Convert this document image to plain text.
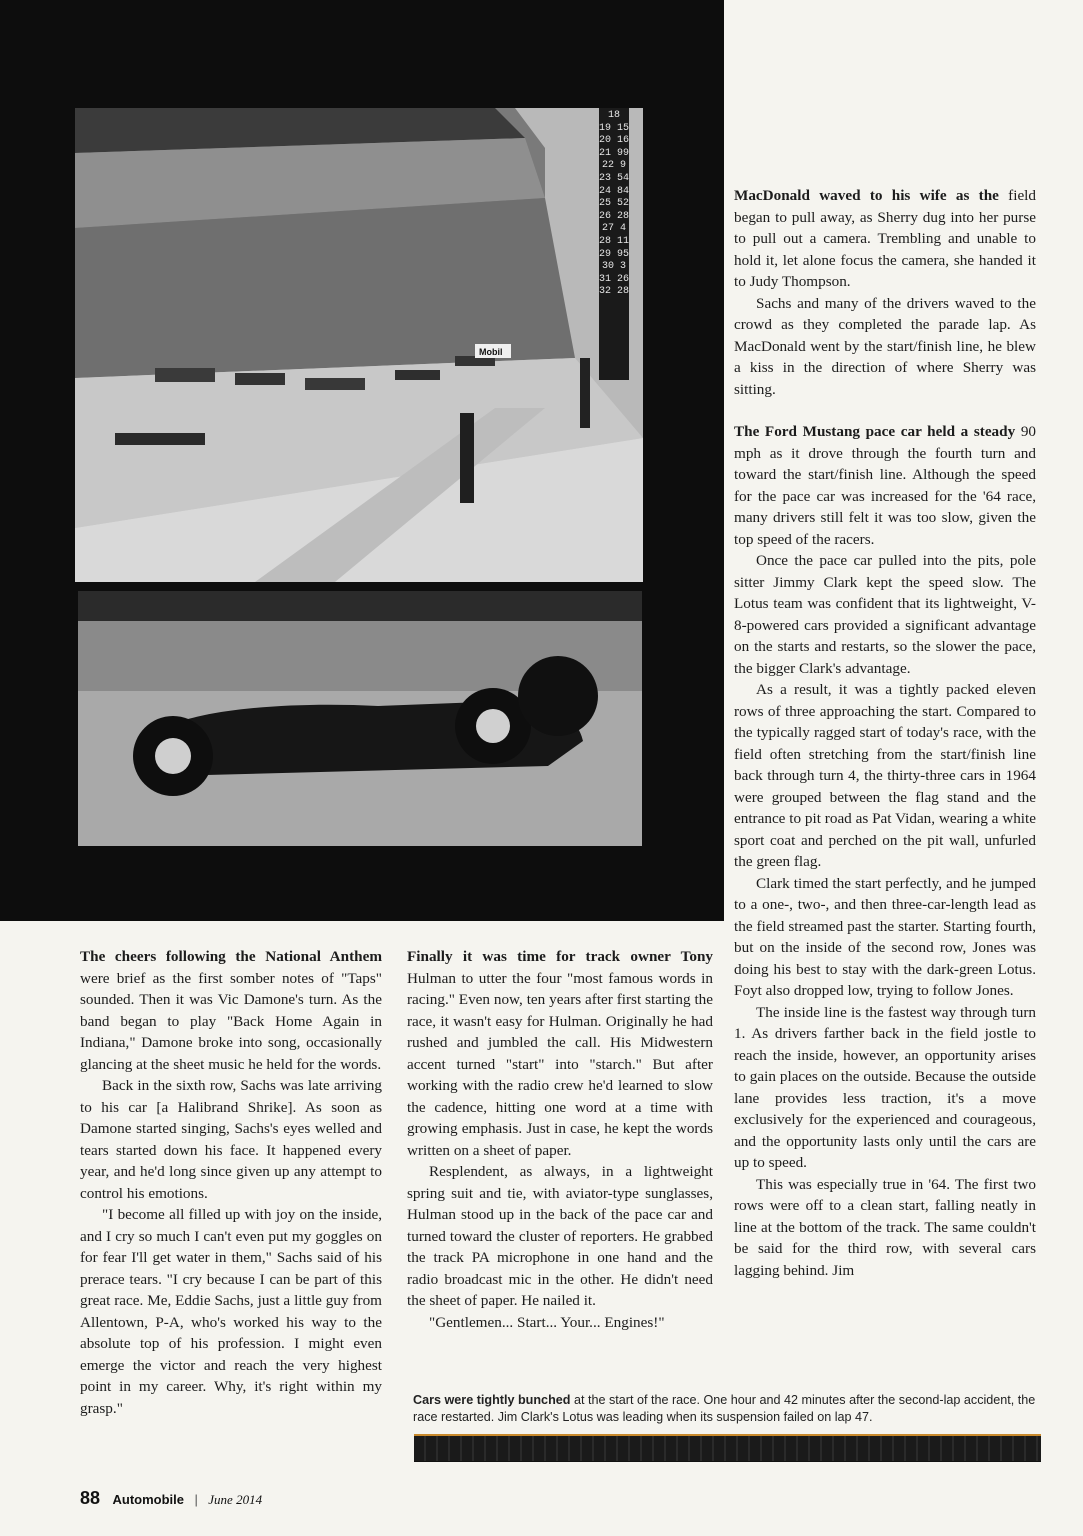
Mobil
18
19 15
20 16
21 99
22 9
23 54
24 84
25 52
26 28
27 4
28 11
29 95
30 3
31 26
32 28

MacDonald waved to his wife as the field began to pull away, as Sherry dug into her purse to pull out a camera. Trembling and unable to hold it, let alone focus the camera, she handed it to Judy Thompson.

Sachs and many of the drivers waved to the crowd as they completed the parade lap. As MacDonald went by the start/finish line, he blew a kiss in the direction of where Sherry was sitting.

The Ford Mustang pace car held a steady 90 mph as it drove through the fourth turn and toward the start/finish line. Although the speed for the pace car was increased for the '64 race, many drivers still felt it was too slow, given the top speed of the racers.

Once the pace car pulled into the pits, pole sitter Jimmy Clark kept the speed slow. The Lotus team was confident that its lightweight, V-8-powered cars provided a significant advantage on the starts and restarts, so the slower the pace, the bigger Clark's advantage.

As a result, it was a tightly packed eleven rows of three approaching the start. Compared to the typically ragged start of today's race, with the field often stretching from the start/finish line back through turn 4, the thirty-three cars in 1964 were grouped between the flag stand and the entrance to pit road as Pat Vidan, wearing a white sport coat and perched on the pit wall, unfurled the green flag.

Clark timed the start perfectly, and he jumped to a one-, two-, and then three-car-length lead as the field streamed past the starter. Starting fourth, but on the inside of the second row, Jones was doing his best to stay with the dark-green Lotus. Foyt also dropped low, trying to follow Jones.

The inside line is the fastest way through turn 1. As drivers farther back in the field jostle to reach the inside, however, an opportunity arises to gain places on the outside. Because the outside lane provides less traction, it's a move exclusively for the experienced and courageous, and the opportunity lasts only until the cars are up to speed.

This was especially true in '64. The first two rows were off to a clean start, falling neatly in line at the bottom of the track. The same couldn't be said for the third row, with several cars lagging behind. Jim

The cheers following the National Anthem were brief as the first somber notes of "Taps" sounded. Then it was Vic Damone's turn. As the band began to play "Back Home Again in Indiana," Damone broke into song, occasionally glancing at the sheet music he held for the words.

Back in the sixth row, Sachs was late arriving to his car [a Halibrand Shrike]. As soon as Damone started singing, Sachs's eyes welled and tears started down his face. It happened every year, and he'd long since given up any attempt to control his emotions.

"I become all filled up with joy on the inside, and I cry so much I can't even put my goggles on for fear I'll get water in them," Sachs said of his prerace tears. "I cry because I can be part of this great race. Me, Eddie Sachs, just a little guy from Allentown, P-A, who's worked his way to the absolute top of his profession. I might even emerge the victor and reach the very highest point in my career. Why, it's right within my grasp."

Finally it was time for track owner Tony Hulman to utter the four "most famous words in racing." Even now, ten years after first starting the race, it wasn't easy for Hulman. Originally he had rushed and jumbled the call. His Midwestern accent turned "start" into "starch." But after working with the radio crew he'd learned to slow the cadence, hitting one word at a time with growing emphasis. Just in case, he kept the words written on a sheet of paper.

Resplendent, as always, in a lightweight spring suit and tie, with aviator-type sunglasses, Hulman stood up in the back of the pace car and turned toward the cluster of reporters. He grabbed the track PA microphone in one hand and the radio broadcast mic in the other. He didn't need the sheet of paper. He nailed it.

"Gentlemen... Start... Your... Engines!"

Cars were tightly bunched at the start of the race. One hour and 42 minutes after the second-lap accident, the race restarted. Jim Clark's Lotus was leading when its suspension failed on lap 47.
88 Automobile | June 2014
